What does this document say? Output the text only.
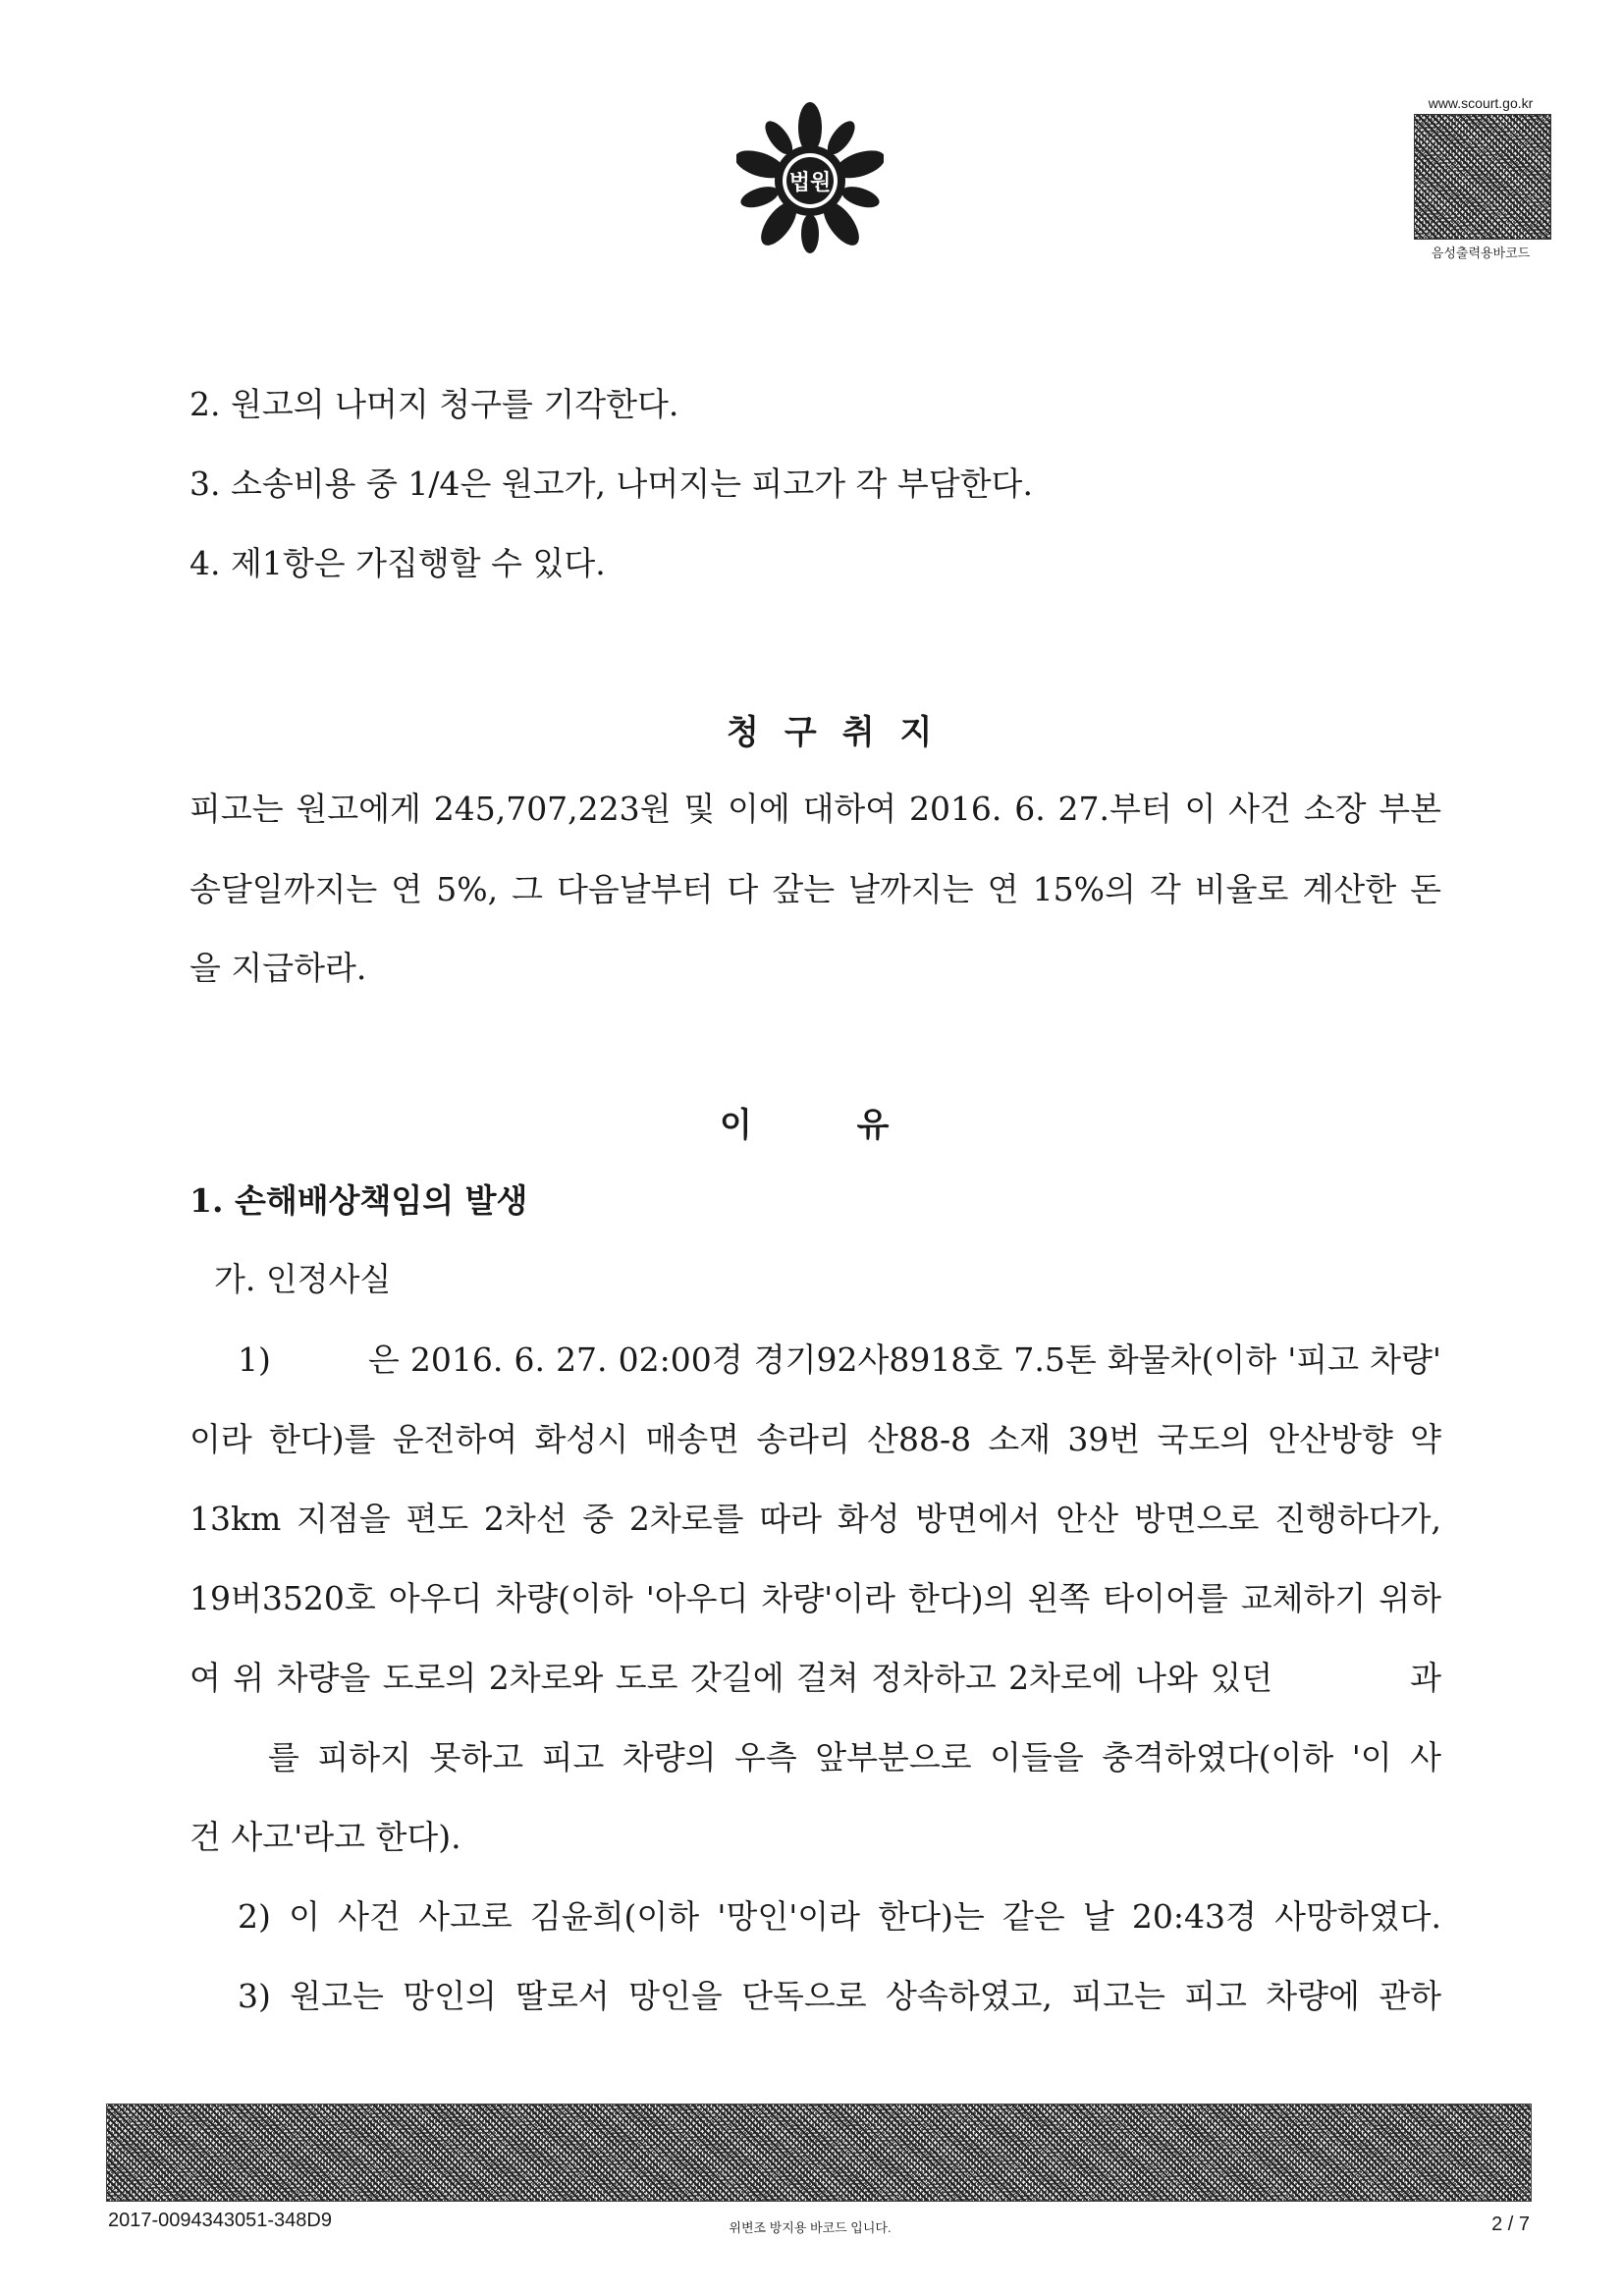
법원
www.scourt.go.kr
음성출력용바코드
2. 원고의 나머지 청구를 기각한다.
3. 소송비용 중 1/4은 원고가, 나머지는 피고가 각 부담한다.
4. 제1항은 가집행할 수 있다.
청구취지
피고는 원고에게 245,707,223원 및 이에 대하여 2016. 6. 27.부터 이 사건 소장 부본
송달일까지는 연 5%, 그 다음날부터 다 갚는 날까지는 연 15%의 각 비율로 계산한 돈
을 지급하라.
이 유
1. 손해배상책임의 발생
가. 인정사실
1)	은 2016. 6. 27. 02:00경 경기92사8918호 7.5톤 화물차(이하 '피고 차량'
이라 한다)를 운전하여 화성시 매송면 송라리 산88-8 소재 39번 국도의 안산방향 약
13km 지점을 편도 2차선 중 2차로를 따라 화성 방면에서 안산 방면으로 진행하다가,
19버3520호 아우디 차량(이하 '아우디 차량'이라 한다)의 왼쪽 타이어를 교체하기 위하
여 위 차량을 도로의 2차로와 도로 갓길에 걸쳐 정차하고 2차로에 나와 있던	과
를 피하지 못하고 피고 차량의 우측 앞부분으로 이들을 충격하였다(이하 '이 사
건 사고'라고 한다).
2) 이 사건 사고로 김윤희(이하 '망인'이라 한다)는 같은 날 20:43경 사망하였다.
3) 원고는 망인의 딸로서 망인을 단독으로 상속하였고, 피고는 피고 차량에 관하
2017-0094343051-348D9	위변조 방지용 바코드 입니다.	2 / 7
